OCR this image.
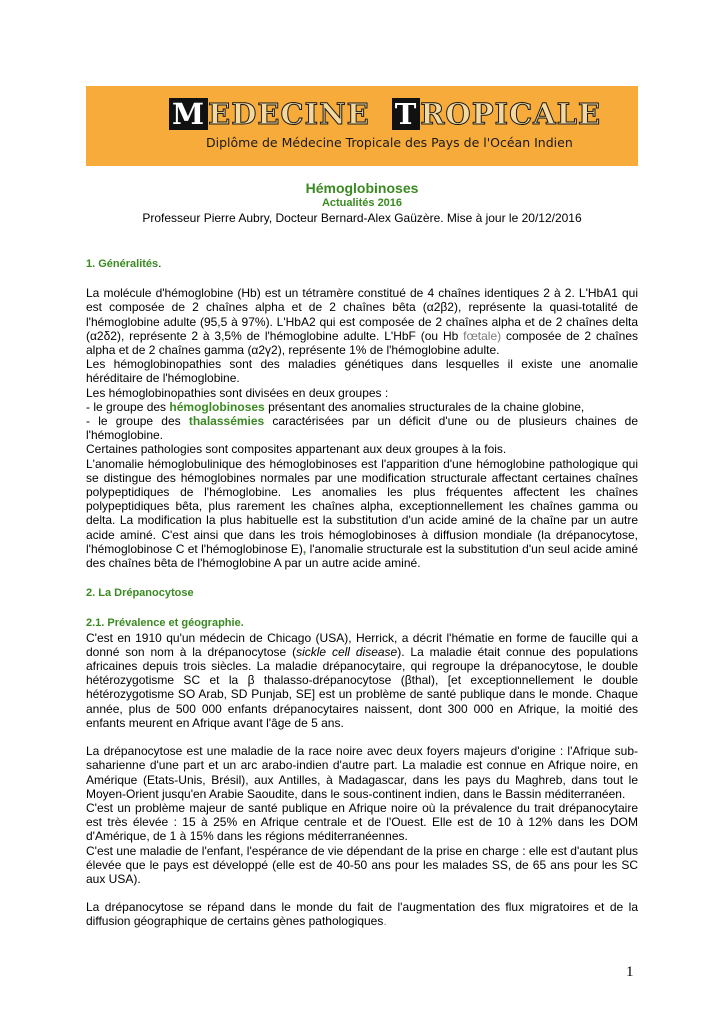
M EDECINE T ROPICALE
Diplôme de Médecine Tropicale des Pays de l'Océan Indien
Hémoglobinoses
Actualités 2016
Professeur Pierre Aubry, Docteur Bernard-Alex Gaüzère. Mise à jour le 20/12/2016

1. Généralités.

La molécule d'hémoglobine (Hb) est un tétramère constitué de 4 chaînes identiques 2 à 2. L'HbA1 qui est composée de 2 chaînes alpha et de 2 chaînes bêta (α2β2), représente la quasi-totalité de l'hémoglobine adulte (95,5 à 97%). L'HbA2 qui est composée de 2 chaînes alpha et de 2 chaînes delta (α2δ2), représente 2 à 3,5% de l'hémoglobine adulte. L'HbF (ou Hb fœtale) composée de 2 chaînes alpha et de 2 chaînes gamma (α2γ2), représente 1% de l'hémoglobine adulte.

Les hémoglobinopathies sont des maladies génétiques dans lesquelles il existe une anomalie héréditaire de l'hémoglobine.

Les hémoglobinopathies sont divisées en deux groupes :

- le groupe des hémoglobinoses présentant des anomalies structurales de la chaine globine,

- le groupe des thalassémies caractérisées par un déficit d'une ou de plusieurs chaines de l'hémoglobine.

Certaines pathologies sont composites appartenant aux deux groupes à la fois.

L'anomalie hémoglobulinique des hémoglobinoses est l'apparition d'une hémoglobine pathologique qui se distingue des hémoglobines normales par une modification structurale affectant certaines chaînes polypeptidiques de l'hémoglobine. Les anomalies les plus fréquentes affectent les chaînes polypeptidiques bêta, plus rarement les chaînes alpha, exceptionnellement les chaînes gamma ou delta. La modification la plus habituelle est la substitution d'un acide aminé de la chaîne par un autre acide aminé. C'est ainsi que dans les trois hémoglobinoses à diffusion mondiale (la drépanocytose, l'hémoglobinose C et l'hémoglobinose E), l'anomalie structurale est la substitution d'un seul acide aminé des chaînes bêta de l'hémoglobine A par un autre acide aminé.

2. La Drépanocytose

2.1. Prévalence et géographie.

C'est en 1910 qu'un médecin de Chicago (USA), Herrick, a décrit l'hématie en forme de faucille qui a donné son nom à la drépanocytose (sickle cell disease). La maladie était connue des populations africaines depuis trois siècles. La maladie drépanocytaire, qui regroupe la drépanocytose, le double hétérozygotisme SC et la β thalasso-drépanocytose (βthal), [et exceptionnellement le double hétérozygotisme SO Arab, SD Punjab, SE] est un problème de santé publique dans le monde. Chaque année, plus de 500 000 enfants drépanocytaires naissent, dont 300 000 en Afrique, la moitié des enfants meurent en Afrique avant l'âge de 5 ans.

La drépanocytose est une maladie de la race noire avec deux foyers majeurs d'origine : l'Afrique sub-saharienne d'une part et un arc arabo-indien d'autre part. La maladie est connue en Afrique noire, en Amérique (Etats-Unis, Brésil), aux Antilles, à Madagascar, dans les pays du Maghreb, dans tout le Moyen-Orient jusqu'en Arabie Saoudite, dans le sous-continent indien, dans le Bassin méditerranéen.

C'est un problème majeur de santé publique en Afrique noire où la prévalence du trait drépanocytaire est très élevée : 15 à 25% en Afrique centrale et de l'Ouest. Elle est de 10 à 12% dans les DOM d'Amérique, de 1 à 15% dans les régions méditerranéennes.

C'est une maladie de l'enfant, l'espérance de vie dépendant de la prise en charge : elle est d'autant plus élevée que le pays est développé (elle est de 40-50 ans pour les malades SS, de 65 ans pour les SC aux USA).

La drépanocytose se répand dans le monde du fait de l'augmentation des flux migratoires et de la diffusion géographique de certains gènes pathologiques.

1
